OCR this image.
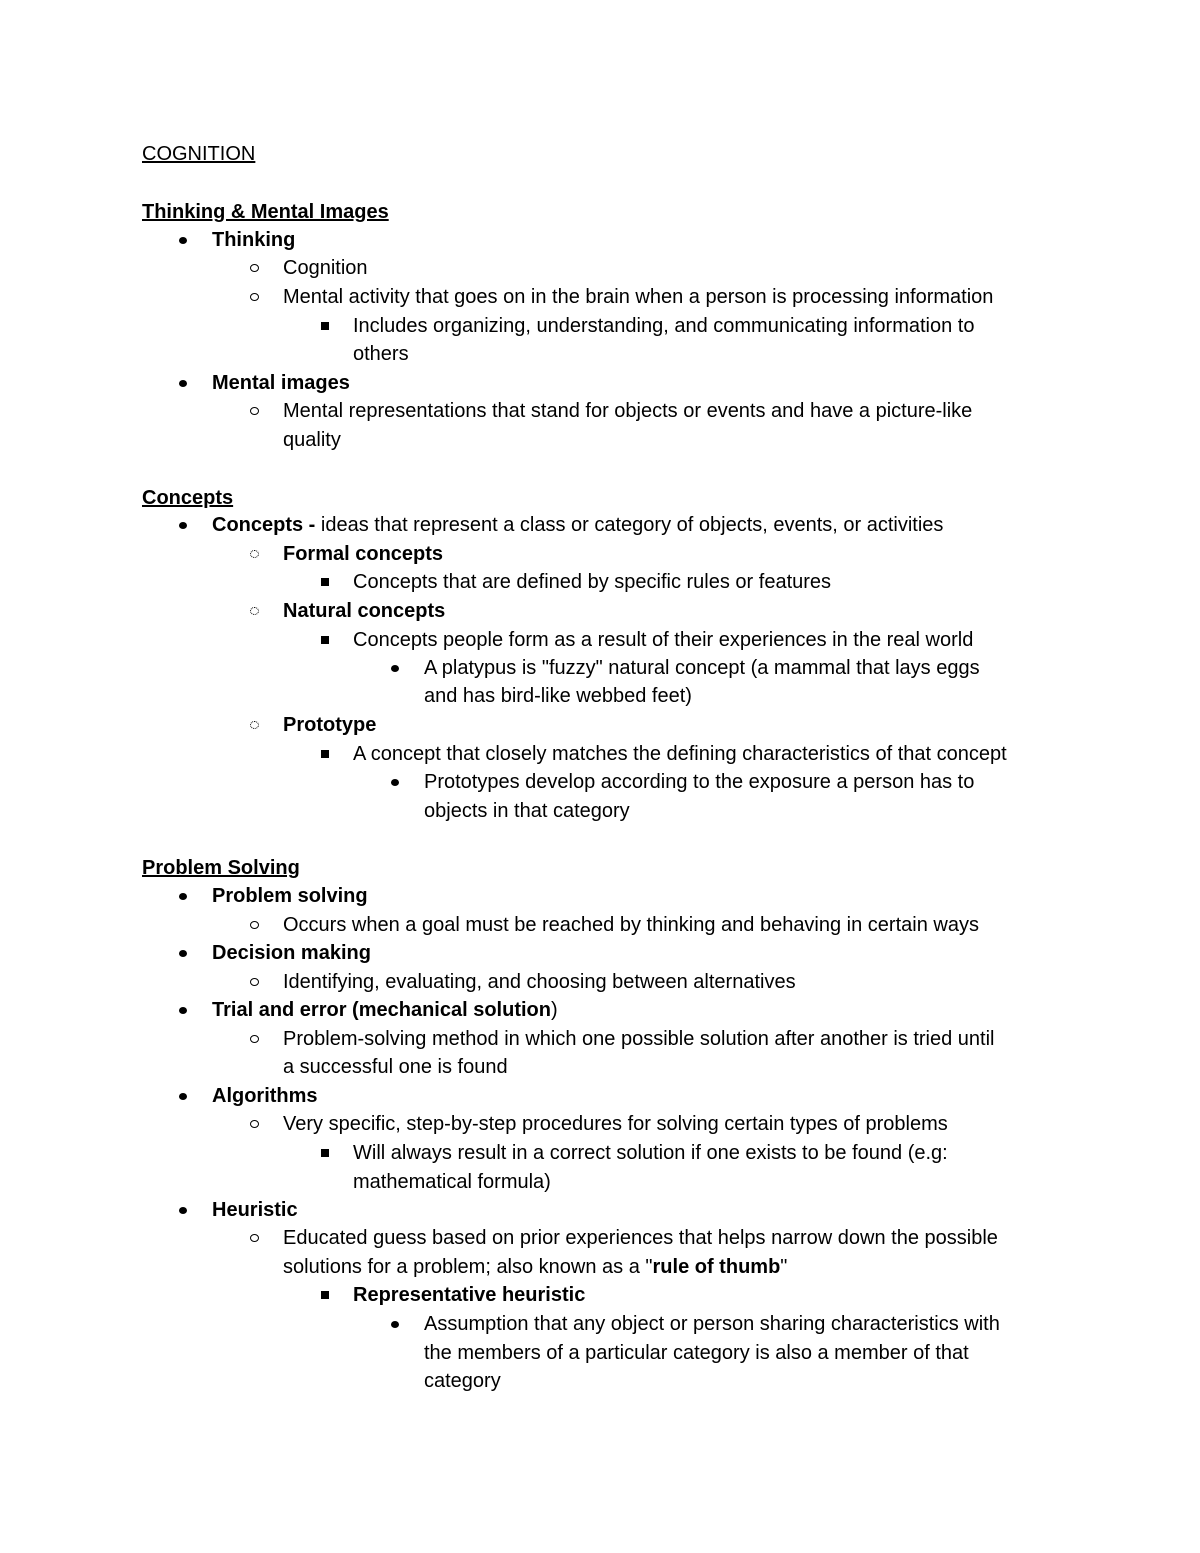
COGNITION
Thinking & Mental Images
Thinking
Cognition
Mental activity that goes on in the brain when a person is processing information
Includes organizing, understanding, and communicating information to
others
Mental images
Mental representations that stand for objects or events and have a picture-like
quality
Concepts
Concepts - ideas that represent a class or category of objects, events, or activities
Formal concepts
Concepts that are defined by specific rules or features
Natural concepts
Concepts people form as a result of their experiences in the real world
A platypus is "fuzzy" natural concept (a mammal that lays eggs
and has bird-like webbed feet)
Prototype
A concept that closely matches the defining characteristics of that concept
Prototypes develop according to the exposure a person has to
objects in that category
Problem Solving
Problem solving
Occurs when a goal must be reached by thinking and behaving in certain ways
Decision making
Identifying, evaluating, and choosing between alternatives
Trial and error (mechanical solution)
Problem-solving method in which one possible solution after another is tried until
a successful one is found
Algorithms
Very specific, step-by-step procedures for solving certain types of problems
Will always result in a correct solution if one exists to be found (e.g:
mathematical formula)
Heuristic
Educated guess based on prior experiences that helps narrow down the possible
solutions for a problem; also known as a "rule of thumb"
Representative heuristic
Assumption that any object or person sharing characteristics with
the members of a particular category is also a member of that
category
